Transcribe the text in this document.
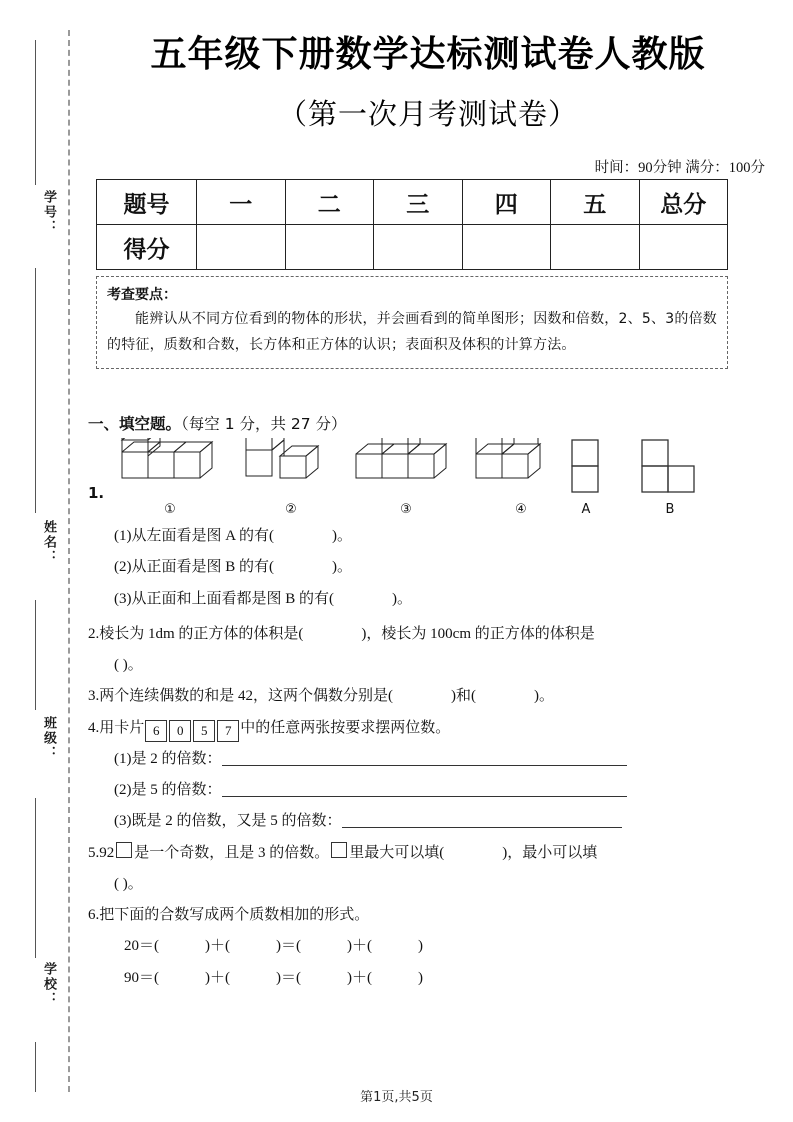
学号：
姓名：
班级：
学校：
五年级下册数学达标测试卷人教版
（第一次月考测试卷）
时间：90分钟 满分：100分
题号	一	二	三	四	五	总分
得分						
考查要点：
能辨认从不同方位看到的物体的形状，并会画看到的简单图形；因数和倍数，2、5、3的倍数的特征，质数和合数，长方体和正方体的认识；表面积及体积的计算方法。
一、填空题。（每空 1 分，共 27 分）
1.
①	②	③	④	A	B
(1)从左面看是图 A 的有(	)。
(2)从正面看是图 B 的有(	)。
(3)从正面和上面看都是图 B 的有(	)。
2.棱长为 1dm 的正方体的体积是(	)，棱长为 100cm 的正方体的体积是
( )。
3.两个连续偶数的和是 42，这两个偶数分别是(	)和(	)。
4.用卡片 6 0 5 7 中的任意两张按要求摆两位数。
(1)是 2 的倍数：
(2)是 5 的倍数：
(3)既是 2 的倍数，又是 5 的倍数：
5.92 是一个奇数，且是 3 的倍数。 里最大可以填(	)，最小可以填
( )。
6.把下面的合数写成两个质数相加的形式。
20＝(	)＋(	)＝(	)＋(	)
90＝(	)＋(	)＝(	)＋(	)
第1页,共5页
